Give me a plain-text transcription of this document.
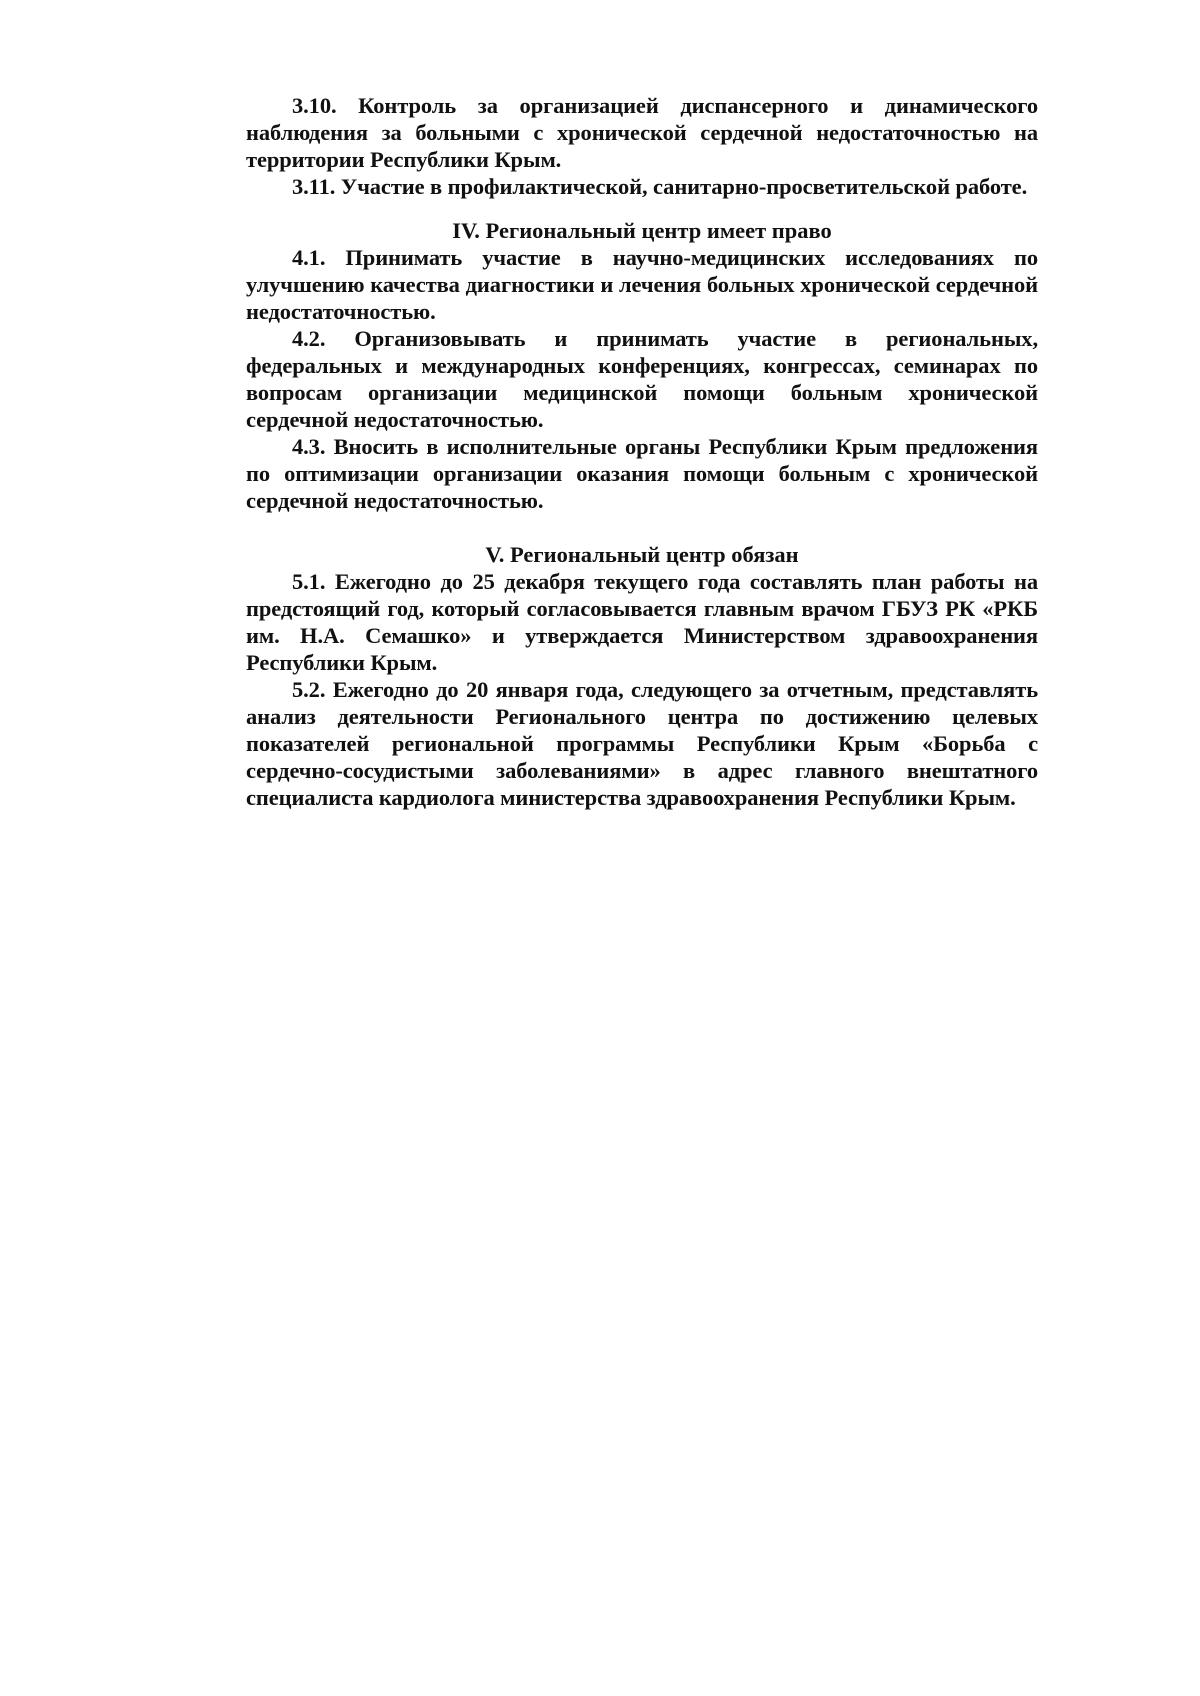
3.10. Контроль за организацией диспансерного и динамического наблюдения за больными с хронической сердечной недостаточностью на территории Республики Крым.

3.11. Участие в профилактической, санитарно-просветительской работе.

IV. Региональный центр имеет право

4.1. Принимать участие в научно-медицинских исследованиях по улучшению качества диагностики и лечения больных хронической сердечной недостаточностью.

4.2. Организовывать и принимать участие в региональных, федеральных и международных конференциях, конгрессах, семинарах по вопросам организации медицинской помощи больным хронической сердечной недостаточностью.

4.3. Вносить в исполнительные органы Республики Крым предложения по оптимизации организации оказания помощи больным с хронической сердечной недостаточностью.

V. Региональный центр обязан

5.1. Ежегодно до 25 декабря текущего года составлять план работы на предстоящий год, который согласовывается главным врачом ГБУЗ РК «РКБ им. Н.А. Семашко» и утверждается Министерством здравоохранения Республики Крым.

5.2. Ежегодно до 20 января года, следующего за отчетным, представлять анализ деятельности Регионального центра по достижению целевых показателей региональной программы Республики Крым «Борьба с сердечно-сосудистыми заболеваниями» в адрес главного внештатного специалиста кардиолога министерства здравоохранения Республики Крым.
